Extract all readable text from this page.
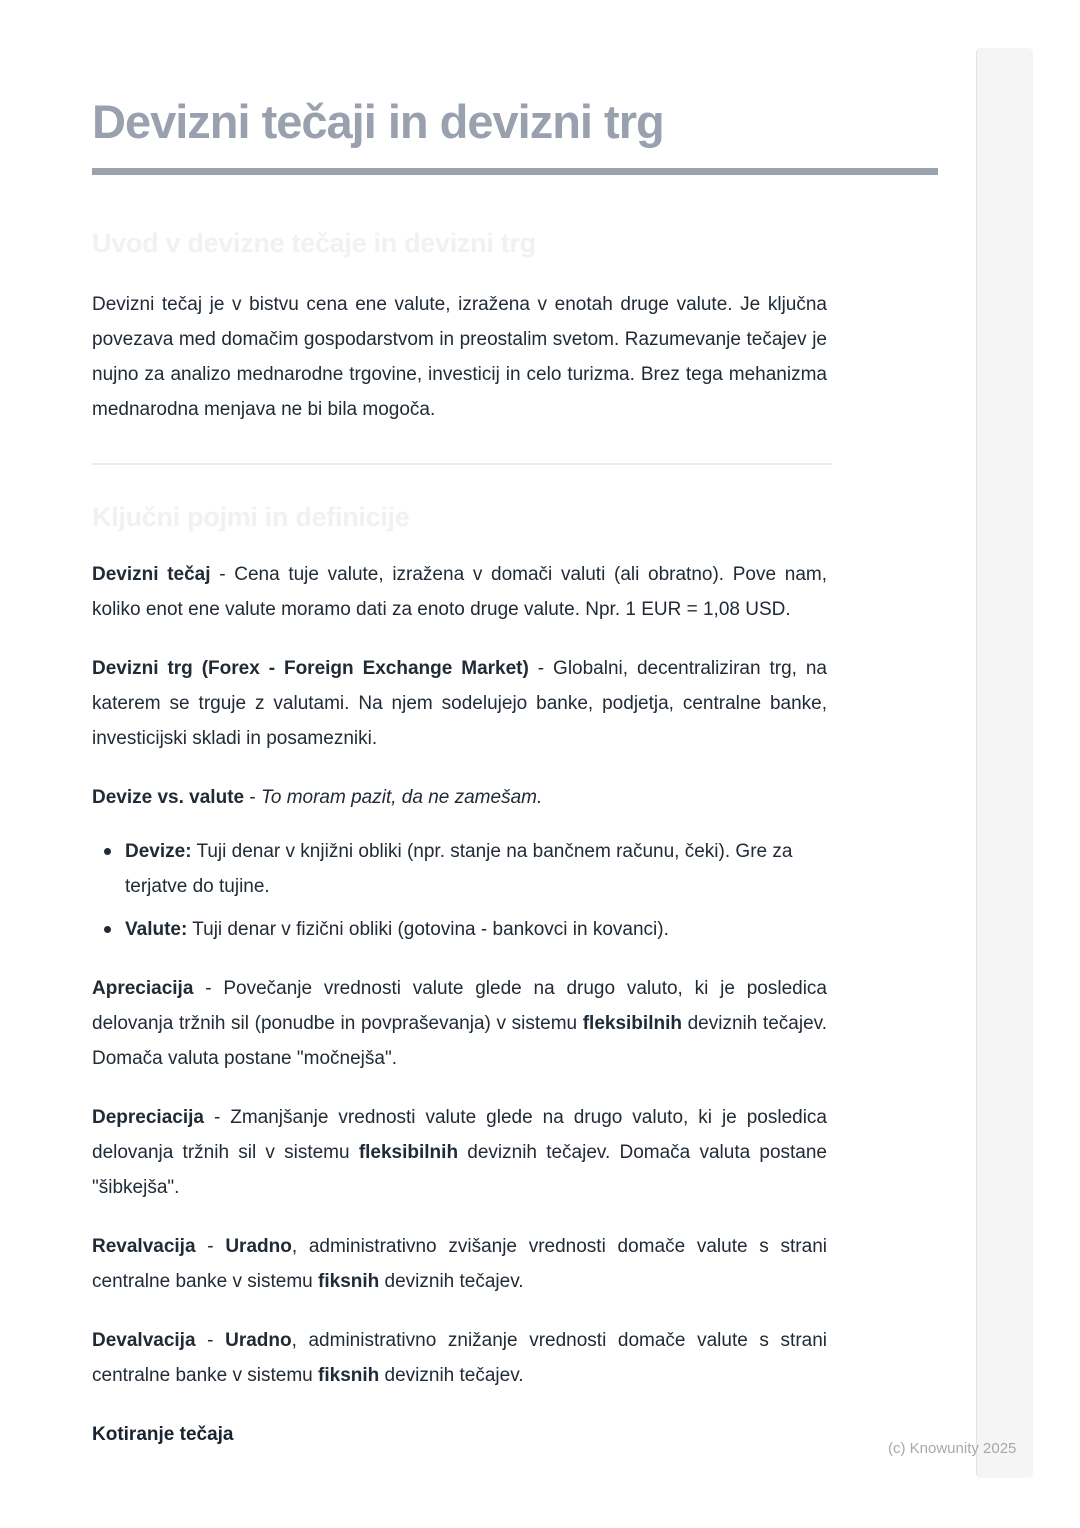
Devizni tečaji in devizni trg
Uvod v devizne tečaje in devizni trg

Devizni tečaj je v bistvu cena ene valute, izražena v enotah druge valute. Je ključna povezava med domačim gospodarstvom in preostalim svetom. Razumevanje tečajev je nujno za analizo mednarodne trgovine, investicij in celo turizma. Brez tega mehanizma mednarodna menjava ne bi bila mogoča.

Ključni pojmi in definicije

Devizni tečaj - Cena tuje valute, izražena v domači valuti (ali obratno). Pove nam, koliko enot ene valute moramo dati za enoto druge valute. Npr. 1 EUR = 1,08 USD.

Devizni trg (Forex - Foreign Exchange Market) - Globalni, decentraliziran trg, na katerem se trguje z valutami. Na njem sodelujejo banke, podjetja, centralne banke, investicijski skladi in posamezniki.

Devize vs. valute - To moram pazit, da ne zamešam.

Devize: Tuji denar v knjižni obliki (npr. stanje na bančnem računu, čeki). Gre za terjatve do tujine.
Valute: Tuji denar v fizični obliki (gotovina - bankovci in kovanci).

Apreciacija - Povečanje vrednosti valute glede na drugo valuto, ki je posledica delovanja tržnih sil (ponudbe in povpraševanja) v sistemu fleksibilnih deviznih tečajev. Domača valuta postane "močnejša".

Depreciacija - Zmanjšanje vrednosti valute glede na drugo valuto, ki je posledica delovanja tržnih sil v sistemu fleksibilnih deviznih tečajev. Domača valuta postane "šibkejša".

Revalvacija - Uradno, administrativno zvišanje vrednosti domače valute s strani centralne banke v sistemu fiksnih deviznih tečajev.

Devalvacija - Uradno, administrativno znižanje vrednosti domače valute s strani centralne banke v sistemu fiksnih deviznih tečajev.

Kotiranje tečaja
(c) Knowunity 2025
